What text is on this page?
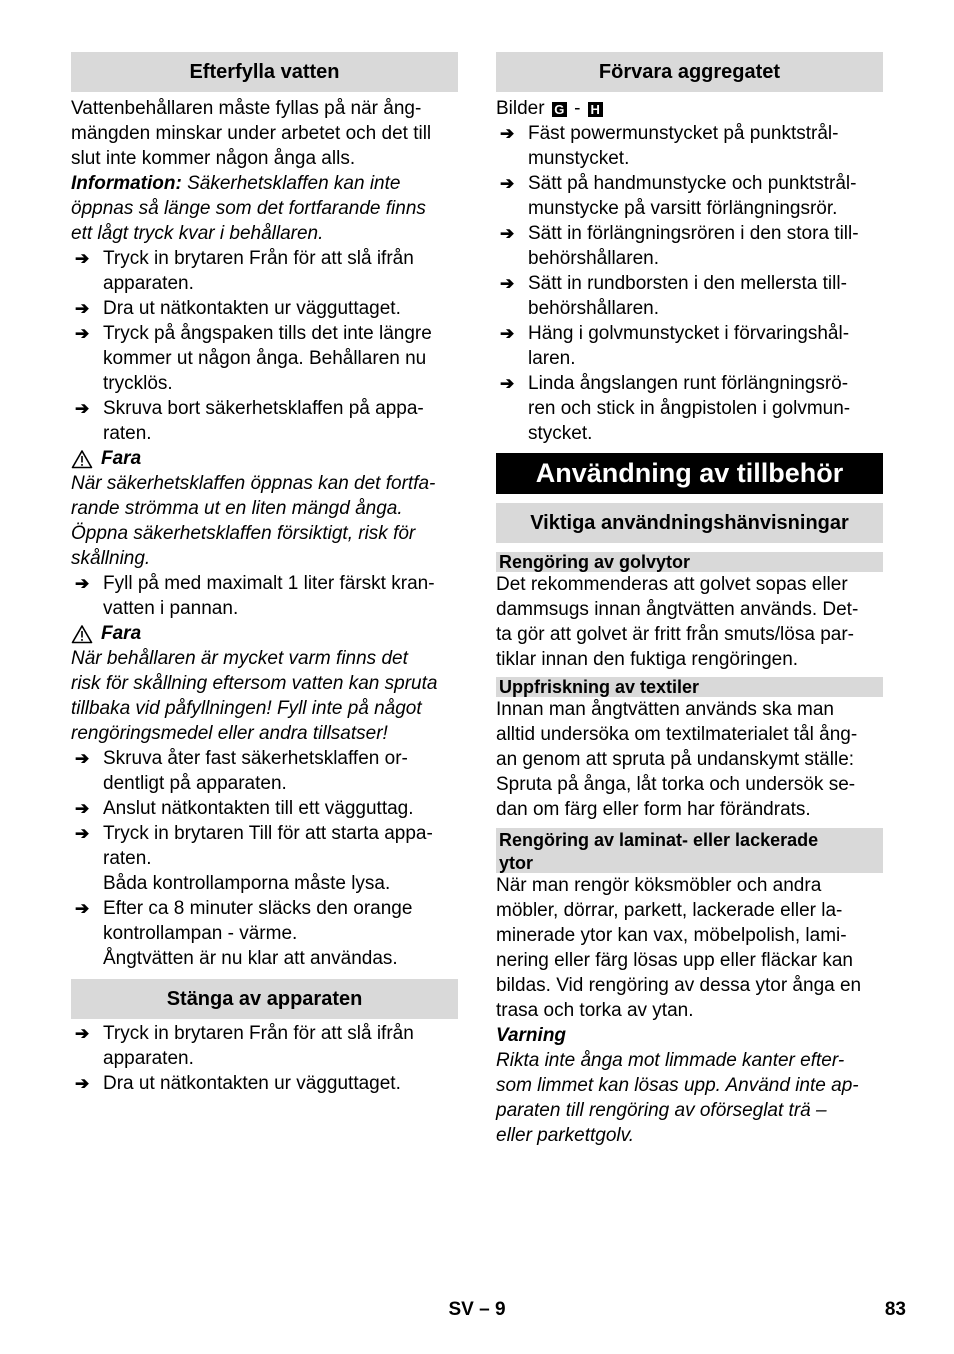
Efterfylla vatten
Vattenbehållaren måste fyllas på när ång-
mängden minskar under arbetet och det till
slut inte kommer någon ånga alls.
Information: Säkerhetsklaffen kan inte
öppnas så länge som det fortfarande finns
ett lågt tryck kvar i behållaren.
➔ Tryck in brytaren Från för att slå ifrån
apparaten.
➔ Dra ut nätkontakten ur vägguttaget.
➔ Tryck på ångspaken tills det inte längre
kommer ut någon ånga. Behållaren nu
trycklös.
➔ Skruva bort säkerhetsklaffen på appa-
raten.
Fara
När säkerhetsklaffen öppnas kan det fortfa-
rande strömma ut en liten mängd ånga.
Öppna säkerhetsklaffen försiktigt, risk för
skållning.
➔ Fyll på med maximalt 1 liter färskt kran-
vatten i pannan.
Fara
När behållaren är mycket varm finns det
risk för skållning eftersom vatten kan spruta
tillbaka vid påfyllningen! Fyll inte på något
rengöringsmedel eller andra tillsatser!
➔ Skruva åter fast säkerhetsklaffen or-
dentligt på apparaten.
➔ Anslut nätkontakten till ett vägguttag.
➔ Tryck in brytaren Till för att starta appa-
raten.
Båda kontrollamporna måste lysa.
➔ Efter ca 8 minuter släcks den orange
kontrollampan - värme.
Ångtvätten är nu klar att användas.
Stänga av apparaten
➔ Tryck in brytaren Från för att slå ifrån
apparaten.
➔ Dra ut nätkontakten ur vägguttaget.
Förvara aggregatet
Bilder G - H
➔ Fäst powermunstycket på punktstrål-
munstycket.
➔ Sätt på handmunstycke och punktstrål-
munstycke på varsitt förlängningsrör.
➔ Sätt in förlängningsrören i den stora till-
behörshållaren.
➔ Sätt in rundborsten i den mellersta till-
behörshållaren.
➔ Häng i golvmunstycket i förvaringshål-
laren.
➔ Linda ångslangen runt förlängningsrö-
ren och stick in ångpistolen i golvmun-
stycket.
Användning av tillbehör
Viktiga användningshänvisningar
Rengöring av golvytor
Det rekommenderas att golvet sopas eller
dammsugs innan ångtvätten används. Det-
ta gör att golvet är fritt från smuts/lösa par-
tiklar innan den fuktiga rengöringen.
Uppfriskning av textiler
Innan man ångtvätten används ska man
alltid undersöka om textilmaterialet tål ång-
an genom att spruta på undanskymt ställe:
Spruta på ånga, låt torka och undersök se-
dan om färg eller form har förändrats.
Rengöring av laminat- eller lackerade
ytor
När man rengör köksmöbler och andra
möbler, dörrar, parkett, lackerade eller la-
minerade ytor kan vax, möbelpolish, lami-
nering eller färg lösas upp eller fläckar kan
bildas. Vid rengöring av dessa ytor ånga en
trasa och torka av ytan.
Varning
Rikta inte ånga mot limmade kanter efter-
som limmet kan lösas upp. Använd inte ap-
paraten till rengöring av oförseglat trä –
eller parkettgolv.
SV – 9	83
